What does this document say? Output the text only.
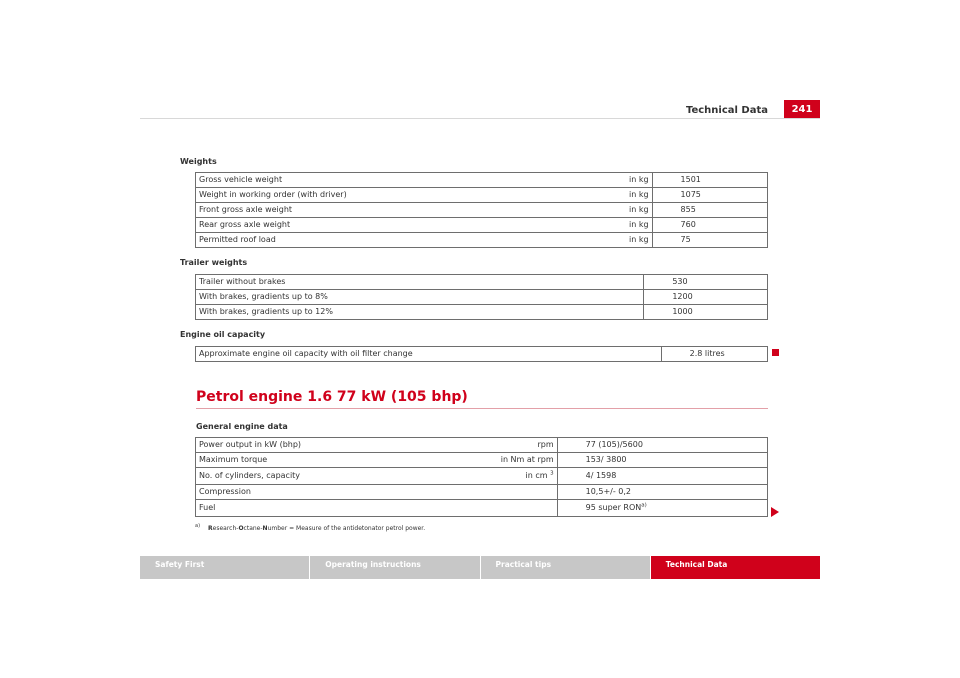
Technical Data	241
Weights
Gross vehicle weight	in kg	1501
Weight in working order (with driver)	in kg	1075
Front gross axle weight	in kg	855
Rear gross axle weight	in kg	760
Permitted roof load	in kg	75
Trailer weights
Trailer without brakes		530
With brakes, gradients up to 8%		1200
With brakes, gradients up to 12%		1000
Engine oil capacity
Approximate engine oil capacity with oil filter change		2.8 litres
Petrol engine 1.6 77 kW (105 bhp)
General engine data
Power output in kW (bhp)	rpm	77 (105)/5600
Maximum torque	in Nm at rpm	153/ 3800
No. of cylinders, capacity	in cm $^3$	4/ 1598
Compression		10,5+/- 0,2
Fuel		95 super RON$^{a)}$
$^{a)}$ Research-Octane-Number = Measure of the antidetonator petrol power.
Safety First	Operating instructions	Practical tips	Technical Data
